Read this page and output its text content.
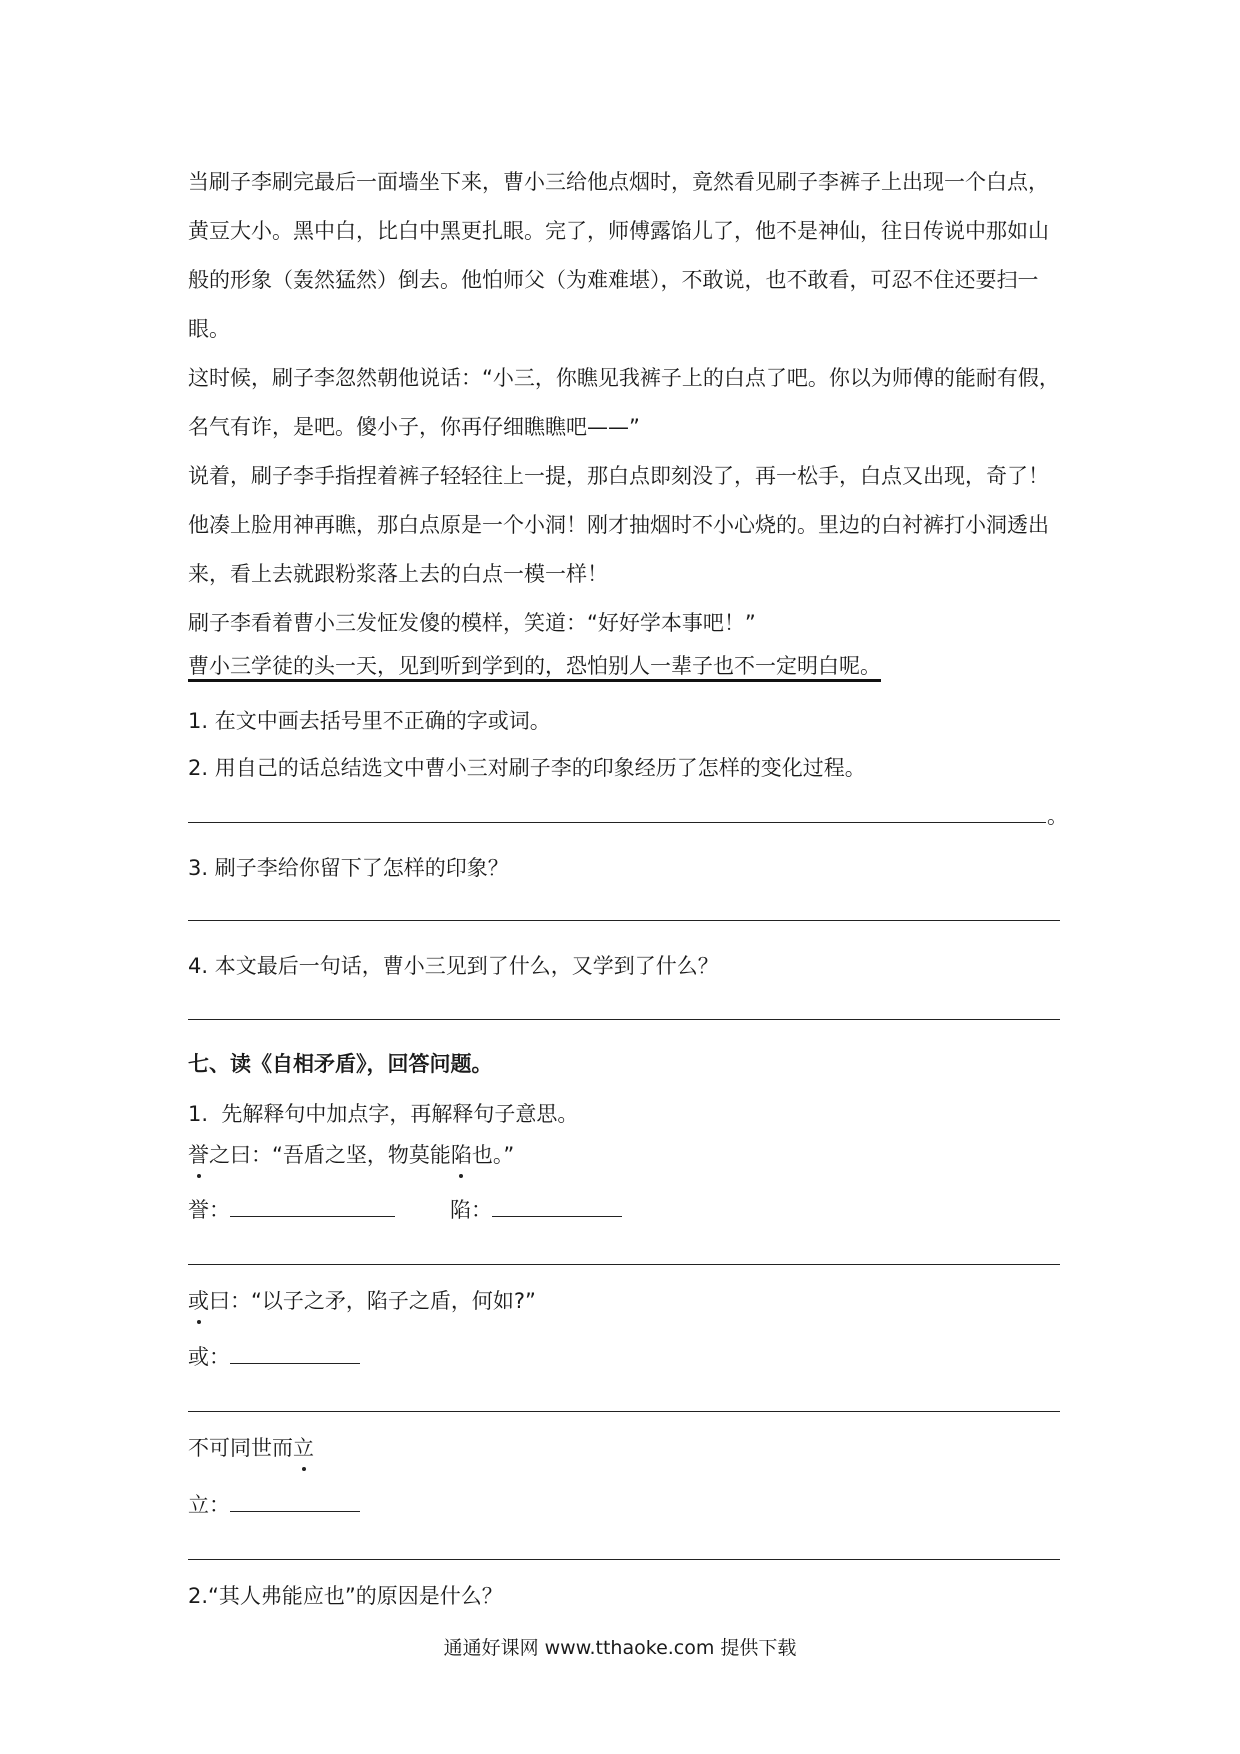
当刷子李刷完最后一面墙坐下来，曹小三给他点烟时，竟然看见刷子李裤子上出现一个白点，黄豆大小。黑中白，比白中黑更扎眼。完了，师傅露馅儿了，他不是神仙，往日传说中那如山般的形象（轰然猛然）倒去。他怕师父（为难难堪），不敢说，也不敢看，可忍不住还要扫一眼。

这时候，刷子李忽然朝他说话：“小三，你瞧见我裤子上的白点了吧。你以为师傅的能耐有假，名气有诈，是吧。傻小子，你再仔细瞧瞧吧——”

说着，刷子李手指捏着裤子轻轻往上一提，那白点即刻没了，再一松手，白点又出现，奇了！他凑上脸用神再瞧，那白点原是一个小洞！刚才抽烟时不小心烧的。里边的白衬裤打小洞透出来，看上去就跟粉浆落上去的白点一模一样！

刷子李看着曹小三发怔发傻的模样，笑道：“好好学本事吧！”

曹小三学徒的头一天，见到听到学到的，恐怕别人一辈子也不一定明白呢。

1. 在文中画去括号里不正确的字或词。

2. 用自己的话总结选文中曹小三对刷子李的印象经历了怎样的变化过程。

。

3. 刷子李给你留下了怎样的印象？

4. 本文最后一句话，曹小三见到了什么，又学到了什么？

七、读《自相矛盾》，回答问题。

1.  先解释句中加点字，再解释句子意思。

誉之曰：“吾盾之坚，物莫能陷也。”

誉：	陷：

或曰：“以子之矛，陷子之盾，何如?”

或：

不可同世而立

立：

2.“其人弗能应也”的原因是什么？

通通好课网 www.tthaoke.com 提供下载
